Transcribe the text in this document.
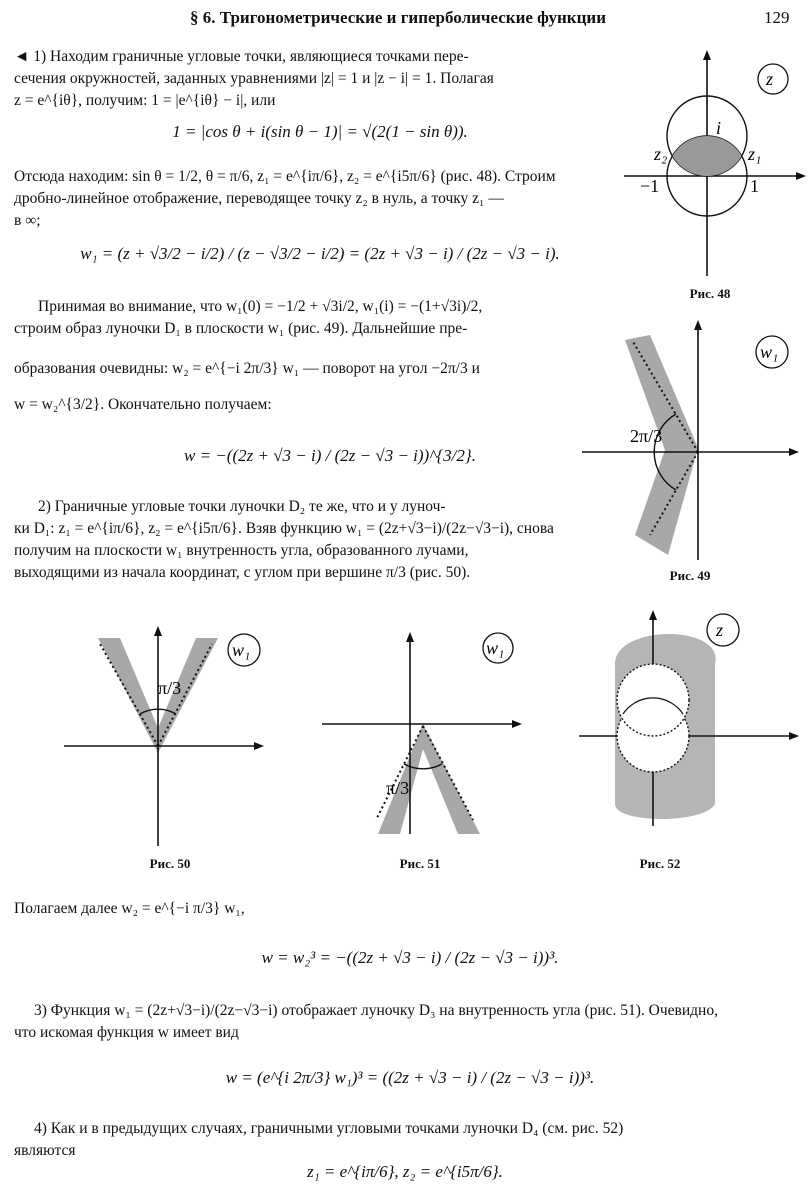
§ 6. Тригонометрические и гиперболические функции	129
◄ 1) Находим граничные угловые точки, являющиеся точками пере-
сечения окружностей, заданных уравнениями |z| = 1 и |z − i| = 1. Полагая
z = e^{iθ}, получим: 1 = |e^{iθ} − i|, или
1 = |cos θ + i(sin θ − 1)| = √(2(1 − sin θ)).
Отсюда находим: sin θ = 1/2, θ = π/6, z₁ = e^{iπ/6}, z₂ = e^{i5π/6} (рис. 48). Строим
дробно-линейное отображение, переводящее точку z₂ в нуль, а точку z₁ —
в ∞;
w₁ = (z + √3/2 − i/2) / (z − √3/2 − i/2) = (2z + √3 − i) / (2z − √3 − i).
Принимая во внимание, что w₁(0) = −1/2 + √3i/2, w₁(i) = −(1+√3i)/2,
строим образ луночки D₁ в плоскости w₁ (рис. 49). Дальнейшие пре-
образования очевидны: w₂ = e^{−i 2π/3} w₁ — поворот на угол −2π/3 и
w = w₂^{3/2}. Окончательно получаем:
w = −((2z + √3 − i) / (2z − √3 − i))^{3/2}.
2) Граничные угловые точки луночки D₂ те же, что и у луноч-
ки D₁: z₁ = e^{iπ/6}, z₂ = e^{i5π/6}. Взяв функцию w₁ = (2z+√3−i)/(2z−√3−i), снова
получим на плоскости w₁ внутренность угла, образованного лучами,
выходящими из начала координат, с углом при вершине π/3 (рис. 50).
z
i
z₁
z₂
−1	1
Рис. 48
w₁
2π/3
Рис. 49
w₁
π/3
Рис. 50
w₁
π/3
Рис. 51
z
Рис. 52
Полагаем далее w₂ = e^{−i π/3} w₁,
w = w₂³ = −((2z + √3 − i) / (2z − √3 − i))³.
3) Функция w₁ = (2z+√3−i)/(2z−√3−i) отображает луночку D₃ на внутренность угла (рис. 51). Очевидно,
что искомая функция w имеет вид
w = (e^{i 2π/3} w₁)³ = ((2z + √3 − i) / (2z − √3 − i))³.
4) Как и в предыдущих случаях, граничными угловыми точками луночки D₄ (см. рис. 52)
являются
z₁ = e^{iπ/6}, z₂ = e^{i5π/6}.
